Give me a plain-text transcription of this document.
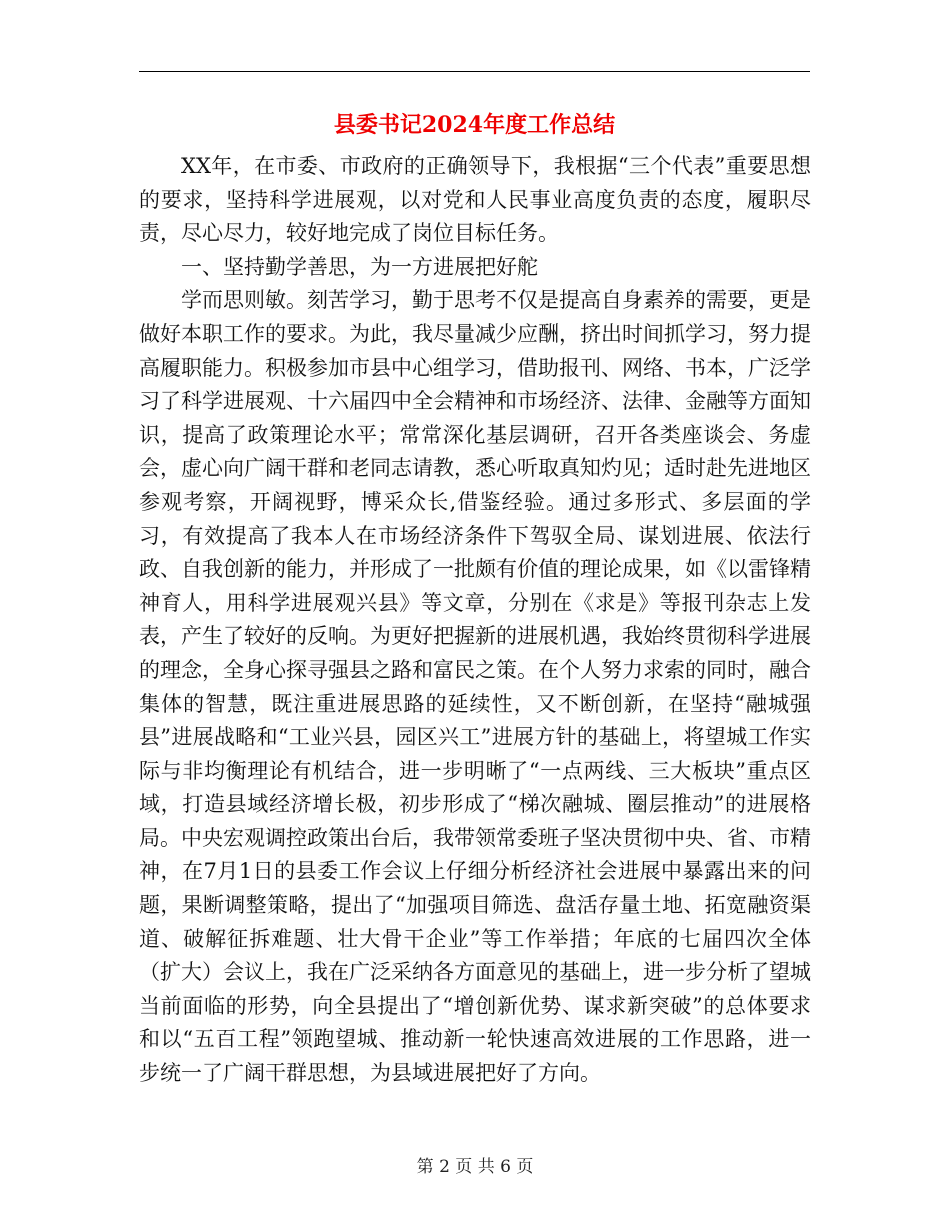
县委书记2024年度工作总结

XX年，在市委、市政府的正确领导下，我根据“三个代表”重要思想的要求，坚持科学进展观，以对党和人民事业高度负责的态度，履职尽责，尽心尽力，较好地完成了岗位目标任务。

一、坚持勤学善思，为一方进展把好舵

学而思则敏。刻苦学习，勤于思考不仅是提高自身素养的需要，更是做好本职工作的要求。为此，我尽量减少应酬，挤出时间抓学习，努力提高履职能力。积极参加市县中心组学习，借助报刊、网络、书本，广泛学习了科学进展观、十六届四中全会精神和市场经济、法律、金融等方面知识，提高了政策理论水平；常常深化基层调研，召开各类座谈会、务虚会，虚心向广阔干群和老同志请教，悉心听取真知灼见；适时赴先进地区参观考察，开阔视野，博采众长,借鉴经验。通过多形式、多层面的学习，有效提高了我本人在市场经济条件下驾驭全局、谋划进展、依法行政、自我创新的能力，并形成了一批颇有价值的理论成果，如《以雷锋精神育人，用科学进展观兴县》等文章，分别在《求是》等报刊杂志上发表，产生了较好的反响。为更好把握新的进展机遇，我始终贯彻科学进展的理念，全身心探寻强县之路和富民之策。在个人努力求索的同时，融合集体的智慧，既注重进展思路的延续性，又不断创新，在坚持“融城强县”进展战略和“工业兴县，园区兴工”进展方针的基础上，将望城工作实际与非均衡理论有机结合，进一步明晰了“一点两线、三大板块”重点区域，打造县域经济增长极，初步形成了“梯次融城、圈层推动”的进展格局。中央宏观调控政策出台后，我带领常委班子坚决贯彻中央、省、市精神，在7月1日的县委工作会议上仔细分析经济社会进展中暴露出来的问题，果断调整策略，提出了“加强项目筛选、盘活存量土地、拓宽融资渠道、破解征拆难题、壮大骨干企业”等工作举措；年底的七届四次全体（扩大）会议上，我在广泛采纳各方面意见的基础上，进一步分析了望城当前面临的形势，向全县提出了“增创新优势、谋求新突破”的总体要求和以“五百工程”领跑望城、推动新一轮快速高效进展的工作思路，进一步统一了广阔干群思想，为县域进展把好了方向。

第 2 页 共 6 页
